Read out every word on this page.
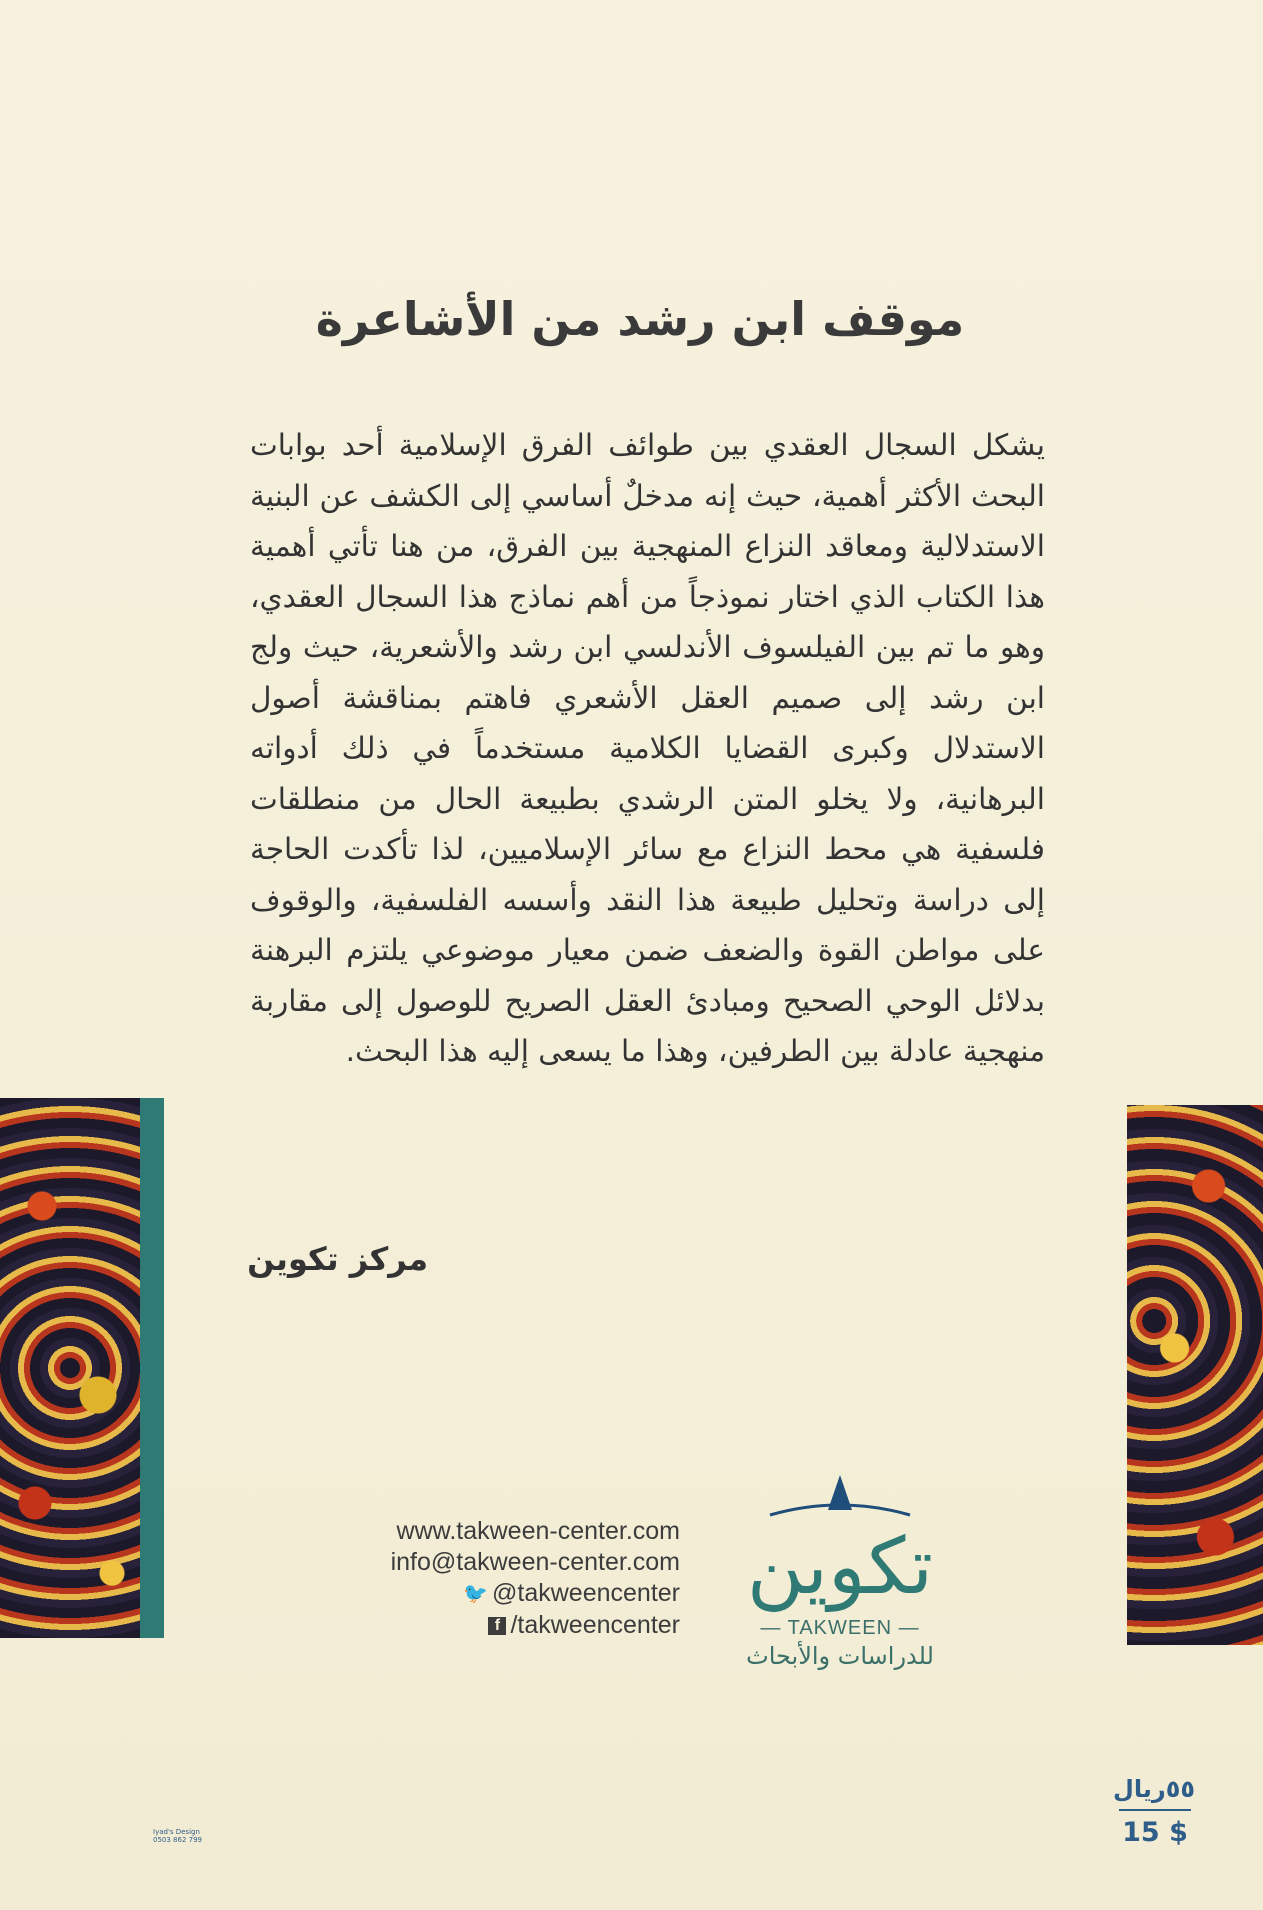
موقف ابن رشد من الأشاعرة

يشكل السجال العقدي بين طوائف الفرق الإسلامية أحد بوابات البحث الأكثر أهمية، حيث إنه مدخلٌ أساسي إلى الكشف عن البنية الاستدلالية ومعاقد النزاع المنهجية بين الفرق، من هنا تأتي أهمية هذا الكتاب الذي اختار نموذجاً من أهم نماذج هذا السجال العقدي، وهو ما تم بين الفيلسوف الأندلسي ابن رشد والأشعرية، حيث ولج ابن رشد إلى صميم العقل الأشعري فاهتم بمناقشة أصول الاستدلال وكبرى القضايا الكلامية مستخدماً في ذلك أدواته البرهانية، ولا يخلو المتن الرشدي بطبيعة الحال من منطلقات فلسفية هي محط النزاع مع سائر الإسلاميين، لذا تأكدت الحاجة إلى دراسة وتحليل طبيعة هذا النقد وأسسه الفلسفية، والوقوف على مواطن القوة والضعف ضمن معيار موضوعي يلتزم البرهنة بدلائل الوحي الصحيح ومبادئ العقل الصريح للوصول إلى مقاربة منهجية عادلة بين الطرفين، وهذا ما يسعى إليه هذا البحث.

مركز تكوين
www.takween-center.com
info@takween-center.com
🐦 @takweencenter
f /takweencenter
تكوين
— TAKWEEN —
للدراسات والأبحاث
Iyad's Design
0503 862 799
٥٥ريال
15 $
